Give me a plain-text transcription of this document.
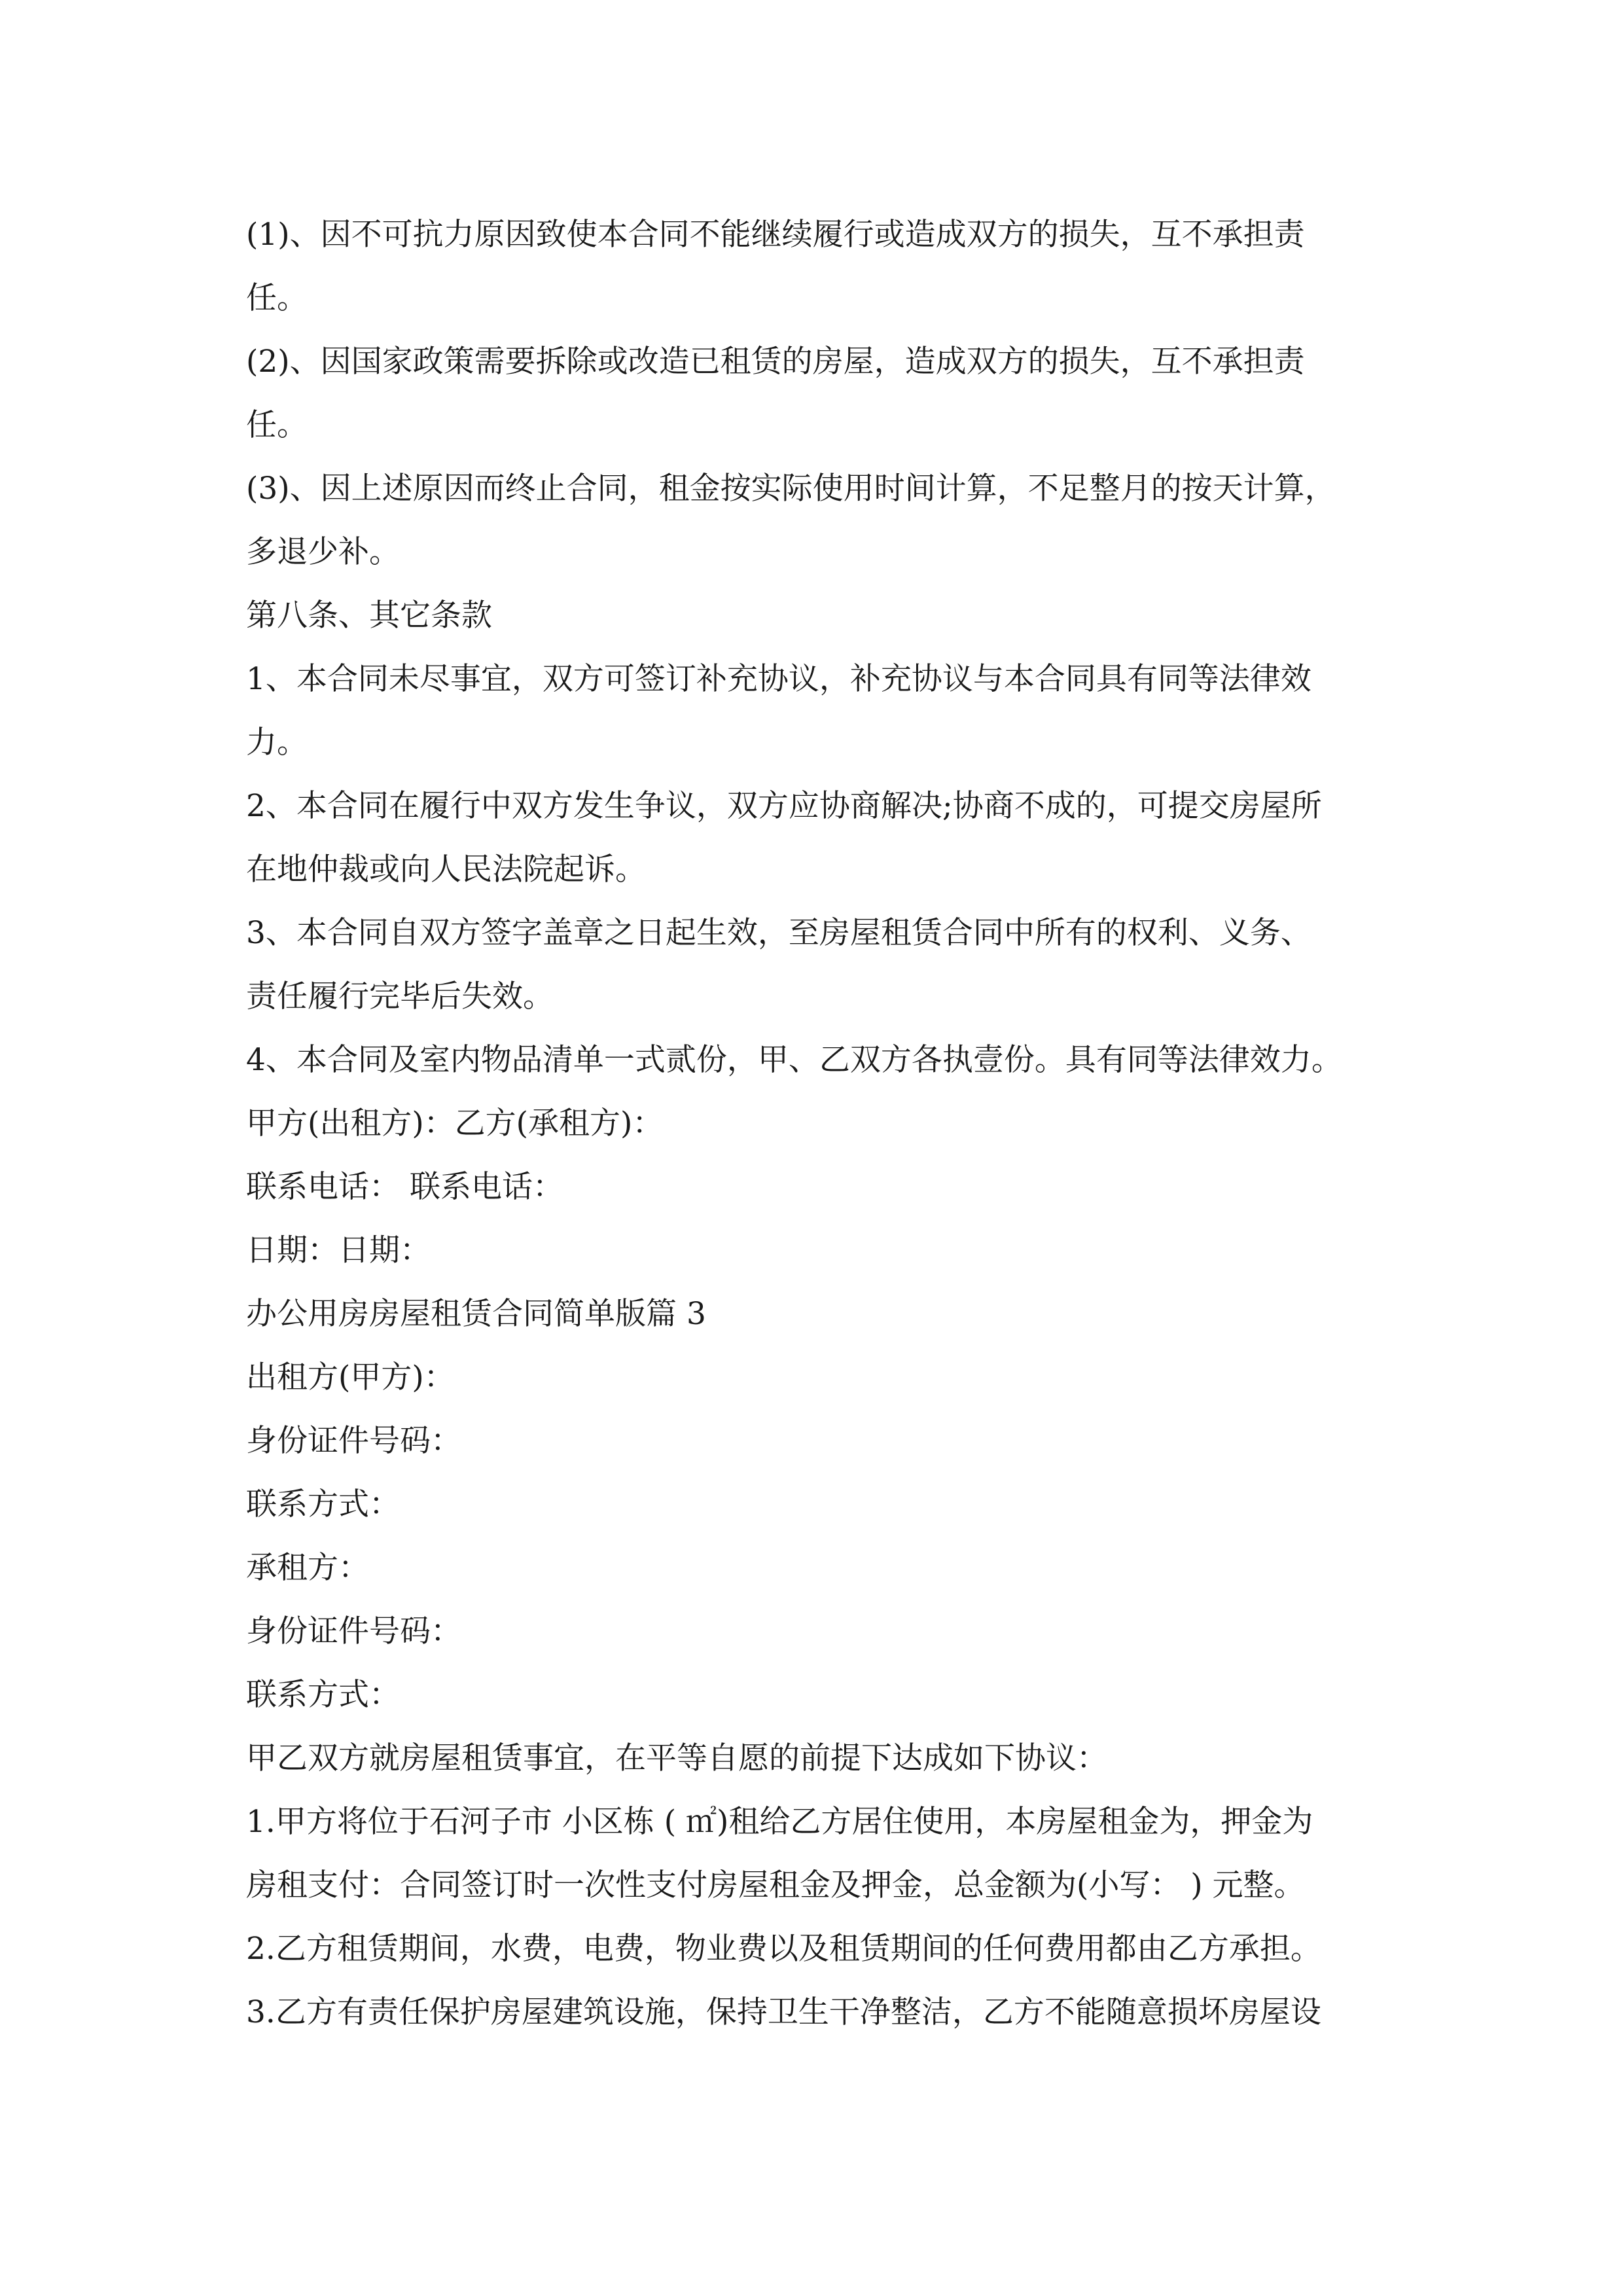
(1)、因不可抗力原因致使本合同不能继续履行或造成双方的损失，互不承担责
任。
(2)、因国家政策需要拆除或改造已租赁的房屋，造成双方的损失，互不承担责
任。
(3)、因上述原因而终止合同，租金按实际使用时间计算，不足整月的按天计算，
多退少补。
第八条、其它条款
1、本合同未尽事宜，双方可签订补充协议，补充协议与本合同具有同等法律效
力。
2、本合同在履行中双方发生争议，双方应协商解决;协商不成的，可提交房屋所
在地仲裁或向人民法院起诉。
3、本合同自双方签字盖章之日起生效，至房屋租赁合同中所有的权利、义务、
责任履行完毕后失效。
4、本合同及室内物品清单一式贰份，甲、乙双方各执壹份。具有同等法律效力。
甲方(出租方)：乙方(承租方)：
联系电话： 联系电话：
日期：日期：
办公用房房屋租赁合同简单版篇 3
出租方(甲方)：
身份证件号码：
联系方式：
承租方：
身份证件号码：
联系方式：
甲乙双方就房屋租赁事宜，在平等自愿的前提下达成如下协议：
1.甲方将位于石河子市 小区栋 ( ㎡)租给乙方居住使用，本房屋租金为，押金为
房租支付：合同签订时一次性支付房屋租金及押金，总金额为(小写： ) 元整。
2.乙方租赁期间，水费，电费，物业费以及租赁期间的任何费用都由乙方承担。
3.乙方有责任保护房屋建筑设施，保持卫生干净整洁，乙方不能随意损坏房屋设
